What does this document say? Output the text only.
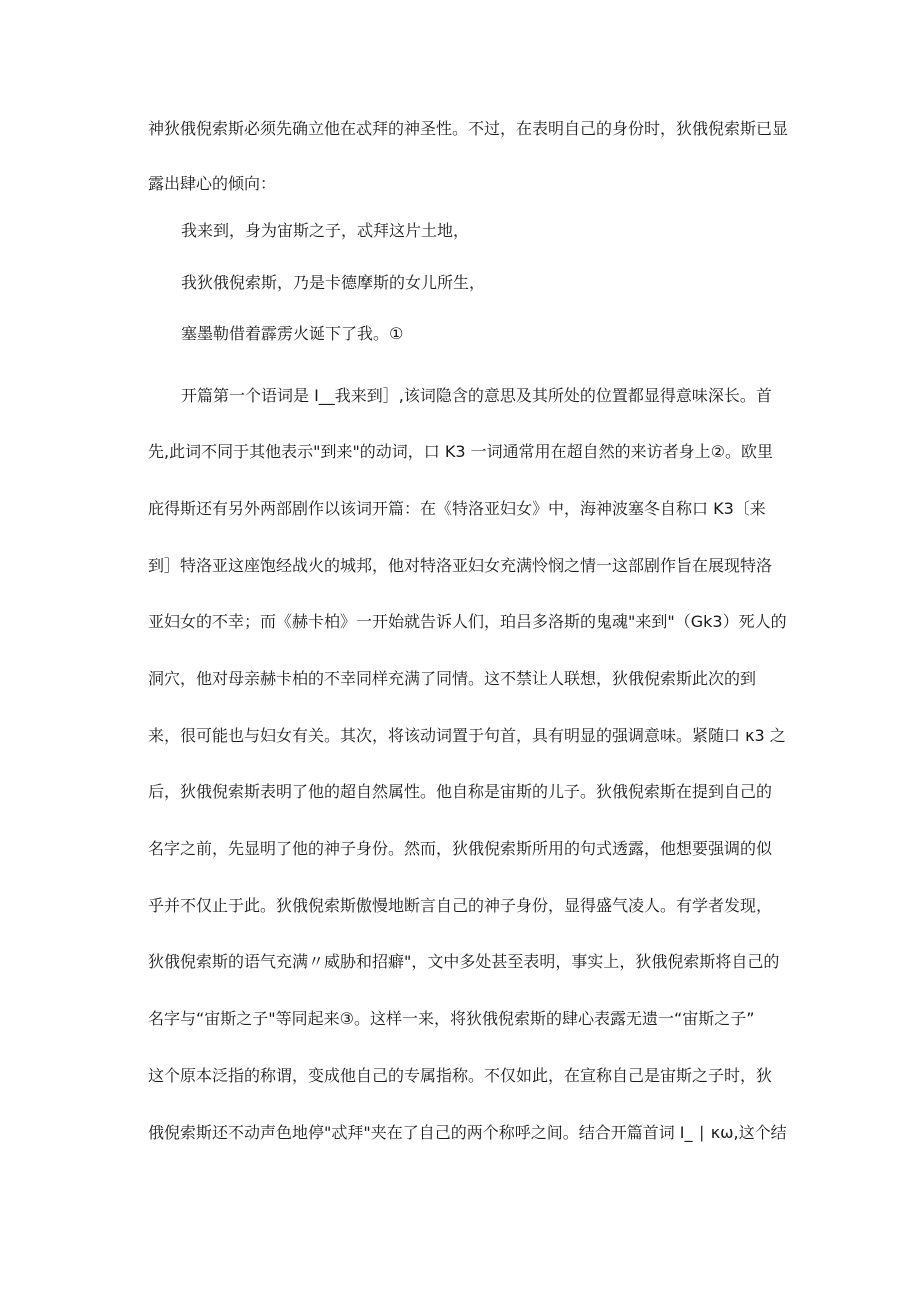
神狄俄倪索斯必须先确立他在忒拜的神圣性。不过，在表明自己的身份时，狄俄倪索斯已显
露出肆心的倾向：
我来到，身为宙斯之子，忒拜这片土地，
我狄俄倪索斯，乃是卡德摩斯的女儿所生，
塞墨勒借着霹雳火诞下了我。①
开篇第一个语词是 I__我来到］,该词隐含的意思及其所处的位置都显得意味深长。首
先,此词不同于其他表示"到来"的动词，口 K3 一词通常用在超自然的来访者身上②。欧里
庇得斯还有另外两部剧作以该词开篇：在《特洛亚妇女》中，海神波塞冬自称口 K3〔来
到］特洛亚这座饱经战火的城邦，他对特洛亚妇女充满怜悯之情一这部剧作旨在展现特洛
亚妇女的不幸；而《赫卡柏》一开始就告诉人们，珀吕多洛斯的鬼魂"来到"（Gk3）死人的
洞穴，他对母亲赫卡柏的不幸同样充满了同情。这不禁让人联想，狄俄倪索斯此次的到
来，很可能也与妇女有关。其次，将该动词置于句首，具有明显的强调意味。紧随口 κ3 之
后，狄俄倪索斯表明了他的超自然属性。他自称是宙斯的儿子。狄俄倪索斯在提到自己的
名字之前，先显明了他的神子身份。然而，狄俄倪索斯所用的句式透露，他想要强调的似
乎并不仅止于此。狄俄倪索斯傲慢地断言自己的神子身份，显得盛气凌人。有学者发现，
狄俄倪索斯的语气充满〃威胁和招癖"，文中多处甚至表明，事实上，狄俄倪索斯将自己的
名字与“宙斯之子"等同起来③。这样一来，将狄俄倪索斯的肆心表露无遗一“宙斯之子”
这个原本泛指的称谓，变成他自己的专属指称。不仅如此，在宣称自己是宙斯之子时，狄
俄倪索斯还不动声色地停"忒拜"夹在了自己的两个称呼之间。结合开篇首词 I_ ∣ κω,这个结
